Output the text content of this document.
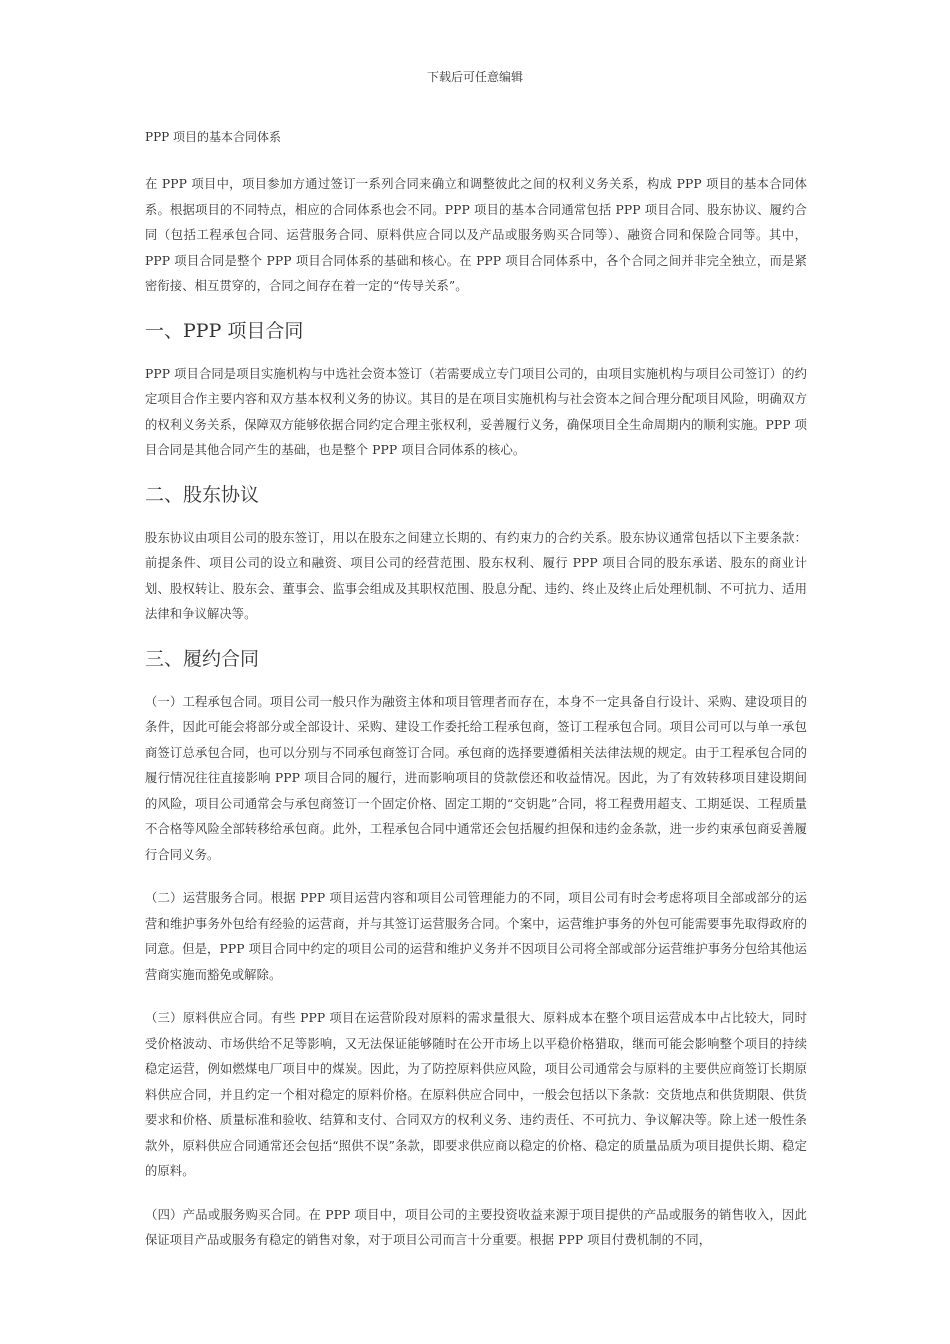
下载后可任意编辑

PPP 项目的基本合同体系

在 PPP 项目中，项目参加方通过签订一系列合同来确立和调整彼此之间的权利义务关系，构成 PPP 项目的基本合同体系。根据项目的不同特点，相应的合同体系也会不同。PPP 项目的基本合同通常包括 PPP 项目合同、股东协议、履约合同（包括工程承包合同、运营服务合同、原料供应合同以及产品或服务购买合同等）、融资合同和保险合同等。其中，PPP 项目合同是整个 PPP 项目合同体系的基础和核心。在 PPP 项目合同体系中，各个合同之间并非完全独立，而是紧密衔接、相互贯穿的，合同之间存在着一定的“传导关系”。

一、PPP 项目合同

PPP 项目合同是项目实施机构与中选社会资本签订（若需要成立专门项目公司的，由项目实施机构与项目公司签订）的约定项目合作主要内容和双方基本权利义务的协议。其目的是在项目实施机构与社会资本之间合理分配项目风险，明确双方的权利义务关系，保障双方能够依据合同约定合理主张权利，妥善履行义务，确保项目全生命周期内的顺利实施。PPP 项目合同是其他合同产生的基础，也是整个 PPP 项目合同体系的核心。

二、股东协议

股东协议由项目公司的股东签订，用以在股东之间建立长期的、有约束力的合约关系。股东协议通常包括以下主要条款：前提条件、项目公司的设立和融资、项目公司的经营范围、股东权利、履行 PPP 项目合同的股东承诺、股东的商业计划、股权转让、股东会、董事会、监事会组成及其职权范围、股息分配、违约、终止及终止后处理机制、不可抗力、适用法律和争议解决等。

三、履约合同

（一）工程承包合同。项目公司一般只作为融资主体和项目管理者而存在，本身不一定具备自行设计、采购、建设项目的条件，因此可能会将部分或全部设计、采购、建设工作委托给工程承包商，签订工程承包合同。项目公司可以与单一承包商签订总承包合同，也可以分别与不同承包商签订合同。承包商的选择要遵循相关法律法规的规定。由于工程承包合同的履行情况往往直接影响 PPP 项目合同的履行，进而影响项目的贷款偿还和收益情况。因此，为了有效转移项目建设期间的风险，项目公司通常会与承包商签订一个固定价格、固定工期的“交钥匙”合同，将工程费用超支、工期延误、工程质量不合格等风险全部转移给承包商。此外，工程承包合同中通常还会包括履约担保和违约金条款，进一步约束承包商妥善履行合同义务。

（二）运营服务合同。根据 PPP 项目运营内容和项目公司管理能力的不同，项目公司有时会考虑将项目全部或部分的运营和维护事务外包给有经验的运营商，并与其签订运营服务合同。个案中，运营维护事务的外包可能需要事先取得政府的同意。但是，PPP 项目合同中约定的项目公司的运营和维护义务并不因项目公司将全部或部分运营维护事务分包给其他运营商实施而豁免或解除。

（三）原料供应合同。有些 PPP 项目在运营阶段对原料的需求量很大、原料成本在整个项目运营成本中占比较大，同时受价格波动、市场供给不足等影响，又无法保证能够随时在公开市场上以平稳价格猎取，继而可能会影响整个项目的持续稳定运营，例如燃煤电厂项目中的煤炭。因此，为了防控原料供应风险，项目公司通常会与原料的主要供应商签订长期原料供应合同，并且约定一个相对稳定的原料价格。在原料供应合同中，一般会包括以下条款：交货地点和供货期限、供货要求和价格、质量标准和验收、结算和支付、合同双方的权利义务、违约责任、不可抗力、争议解决等。除上述一般性条款外，原料供应合同通常还会包括“照供不误”条款，即要求供应商以稳定的价格、稳定的质量品质为项目提供长期、稳定的原料。

（四）产品或服务购买合同。在 PPP 项目中，项目公司的主要投资收益来源于项目提供的产品或服务的销售收入，因此保证项目产品或服务有稳定的销售对象，对于项目公司而言十分重要。根据 PPP 项目付费机制的不同，
